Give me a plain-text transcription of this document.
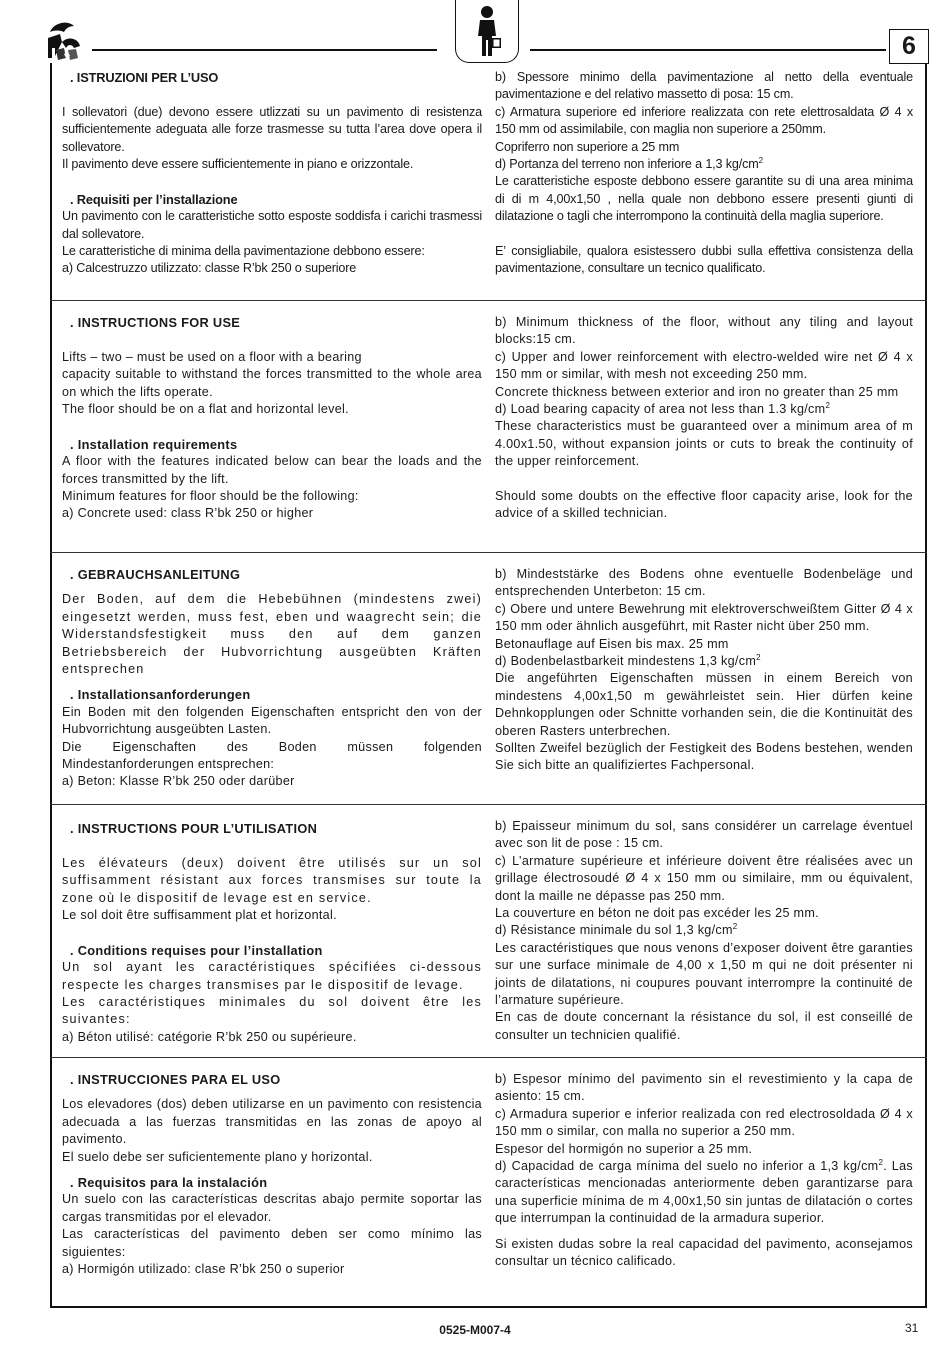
6

. ISTRUZIONI PER L’USO

I sollevatori (due) devono essere utlizzati su un pavimento di resistenza sufficientemente adeguata alle forze trasmesse su tutta l’area dove opera il sollevatore.

Il pavimento deve essere sufficientemente in piano e orizzontale.

. Requisiti per l’installazione

Un pavimento con le caratteristiche sotto esposte soddisfa i carichi trasmessi dal sollevatore.

Le caratteristiche di minima della pavimentazione debbono essere:

a) Calcestruzzo utilizzato: classe R’bk 250 o superiore

b) Spessore minimo della pavimentazione al netto della eventuale pavimentazione e del relativo massetto di posa: 15 cm.

c) Armatura superiore ed inferiore realizzata con rete elettrosaldata Ø 4 x 150 mm od assimilabile, con maglia non superiore a 250mm.

Copriferro non superiore a 25 mm

d) Portanza del terreno non inferiore a 1,3 $kg/cm^2$

Le caratteristiche esposte debbono essere garantite su di una area minima di di m 4,00x1,50 , nella quale non debbono essere presenti giunti di dilatazione o tagli che interrompono la continuità della maglia superiore.

E’ consigliabile, qualora esistessero dubbi sulla effettiva consistenza della pavimentazione, consultare un tecnico qualificato.

. INSTRUCTIONS FOR USE

Lifts – two – must be used on a floor with a bearing

capacity suitable to withstand the forces transmitted to the whole area on which the lifts operate.

The floor should be on a flat and horizontal level.

. Installation requirements

A floor with the features indicated below can bear the loads and the forces transmitted by the lift.

Minimum features for floor should be the following:

a) Concrete used: class R’bk 250 or higher

b) Minimum thickness of the floor, without any tiling and layout blocks:15 cm.

c) Upper and lower reinforcement with electro-welded wire net Ø 4 x 150 mm or similar, with mesh not exceeding 250 mm.

Concrete thickness between exterior and iron no greater than 25 mm

d) Load bearing capacity of area not less than 1.3 $kg/cm^2$

These characteristics must be guaranteed over a minimum area of m 4.00x1.50, without expansion joints or cuts to break the continuity of the upper reinforcement.

Should some doubts on the effective floor capacity arise, look for the advice of a skilled technician.

. GEBRAUCHSANLEITUNG

Der Boden, auf dem die Hebebühnen (mindestens zwei) eingesetzt werden, muss fest, eben und waagrecht sein; die Widerstandsfestigkeit muss den auf dem ganzen Betriebsbereich der Hubvorrichtung ausgeübten Kräften entsprechen

. Installationsanforderungen

Ein Boden mit den folgenden Eigenschaften entspricht den von der Hubvorrichtung ausgeübten Lasten.

Die Eigenschaften des Boden müssen folgenden Mindestanforderungen entsprechen:

a) Beton: Klasse R’bk 250 oder darüber

b) Mindeststärke des Bodens ohne eventuelle Bodenbeläge und entsprechenden Unterbeton: 15 cm.

c) Obere und untere Bewehrung mit elektroverschweißtem Gitter Ø 4 x 150 mm oder ähnlich ausgeführt, mit Raster nicht über 250 mm.

Betonauflage auf Eisen bis max. 25 mm

d) Bodenbelastbarkeit mindestens 1,3 $kg/cm^2$

Die angeführten Eigenschaften müssen in einem Bereich von mindestens 4,00x1,50 m gewährleistet sein. Hier dürfen keine Dehnkopplungen oder Schnitte vorhanden sein, die die Kontinuität des oberen Rasters unterbrechen.

Sollten Zweifel bezüglich der Festigkeit des Bodens bestehen, wenden Sie sich bitte an qualifiziertes Fachpersonal.

. INSTRUCTIONS POUR L’UTILISATION

Les élévateurs (deux) doivent être utilisés sur un sol suffisamment résistant aux forces transmises sur toute la zone où le dispositif de levage est en service.

Le sol doit être suffisamment plat et horizontal.

. Conditions requises pour l’installation

Un sol ayant les caractéristiques spécifiées ci-dessous respecte les charges transmises par le dispositif de levage.

Les caractéristiques minimales du sol doivent être les suivantes:

a) Béton utilisé: catégorie R’bk 250 ou supérieure.

b) Epaisseur minimum du sol, sans considérer un carrelage éventuel avec son lit de pose : 15 cm.

c) L’armature supérieure et inférieure doivent être réalisées avec un grillage électrosoudé Ø 4 x 150 mm ou similaire, mm ou équivalent, dont la maille ne dépasse pas 250 mm.

La couverture en béton ne doit pas excéder les 25 mm.

d) Résistance minimale du sol 1,3 $kg/cm^2$

Les caractéristiques que nous venons d’exposer doivent être garanties sur une surface minimale de 4,00 x 1,50 m qui ne doit présenter ni joints de dilatations, ni coupures pouvant interrompre la continuité de l’armature supérieure.

En cas de doute concernant la résistance du sol, il est conseillé de consulter un technicien qualifié.

. INSTRUCCIONES PARA EL USO

Los elevadores (dos) deben utilizarse en un pavimento con resistencia adecuada a las fuerzas transmitidas en las zonas de apoyo al pavimento.

El suelo debe ser suficientemente plano y horizontal.

. Requisitos para la instalación

Un suelo con las características descritas abajo permite soportar las cargas transmitidas por el elevador.

Las características del pavimento deben ser como mínimo las siguientes:

a) Hormigón utilizado: clase R’bk 250 o superior

b) Espesor mínimo del pavimento sin el revestimiento y la capa de asiento: 15 cm.

c) Armadura superior e inferior realizada con red electrosoldada Ø 4 x 150 mm o similar, con malla no superior a 250 mm.

Espesor del hormigón no superior a 25 mm.

d) Capacidad de carga mínima del suelo no inferior a 1,3 $kg/cm^2$. Las características mencionadas anteriormente deben garantizarse para una superficie mínima de m 4,00x1,50 sin juntas de dilatación o cortes que interrumpan la continuidad de la armadura superior.

Si existen dudas sobre la real capacidad del pavimento, aconsejamos consultar un técnico calificado.

0525-M007-4	31
